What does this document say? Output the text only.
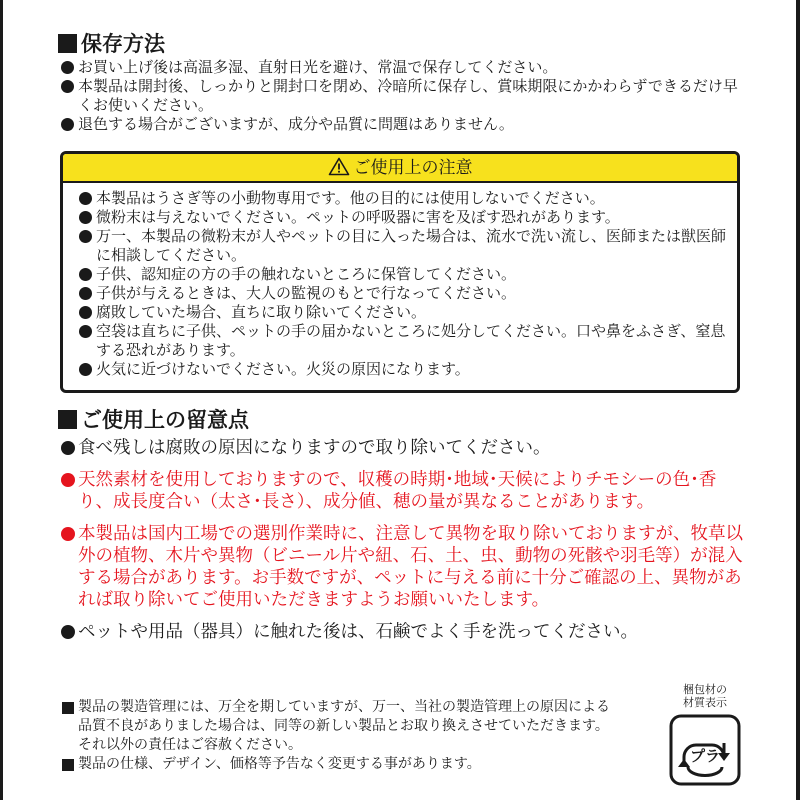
保存方法
お買い上げ後は高温多湿、直射日光を避け、常温で保存してください。
本製品は開封後、しっかりと開封口を閉め、冷暗所に保存し、賞味期限にかかわらずできるだけ早くお使いください。
退色する場合がございますが、成分や品質に問題はありません。
ご使用上の注意
本製品はうさぎ等の小動物専用です。他の目的には使用しないでください。
微粉末は与えないでください。ペットの呼吸器に害を及ぼす恐れがあります。
万一、本製品の微粉末が人やペットの目に入った場合は、流水で洗い流し、医師または獣医師に相談してください。
子供、認知症の方の手の触れないところに保管してください。
子供が与えるときは、大人の監視のもとで行なってください。
腐敗していた場合、直ちに取り除いてください。
空袋は直ちに子供、ペットの手の届かないところに処分してください。口や鼻をふさぎ、窒息する恐れがあります。
火気に近づけないでください。火災の原因になります。
ご使用上の留意点
食べ残しは腐敗の原因になりますので取り除いてください。
天然素材を使用しておりますので、収穫の時期･地域･天候によりチモシーの色･香り、成長度合い（太さ･長さ）、成分値、穂の量が異なることがあります。
本製品は国内工場での選別作業時に、注意して異物を取り除いておりますが、牧草以外の植物、木片や異物（ビニール片や紐、石、土、虫、動物の死骸や羽毛等）が混入する場合があります。お手数ですが、ペットに与える前に十分ご確認の上、異物があれば取り除いてご使用いただきますようお願いいたします。
ペットや用品（器具）に触れた後は、石鹸でよく手を洗ってください。

製品の製造管理には、万全を期していますが、万一、当社の製造管理上の原因による品質不良がありました場合は、同等の新しい製品とお取り換えさせていただきます。それ以外の責任はご容赦ください。

製品の仕様、デザイン、価格等予告なく変更する事があります。

梱包材の
材質表示
プラ
